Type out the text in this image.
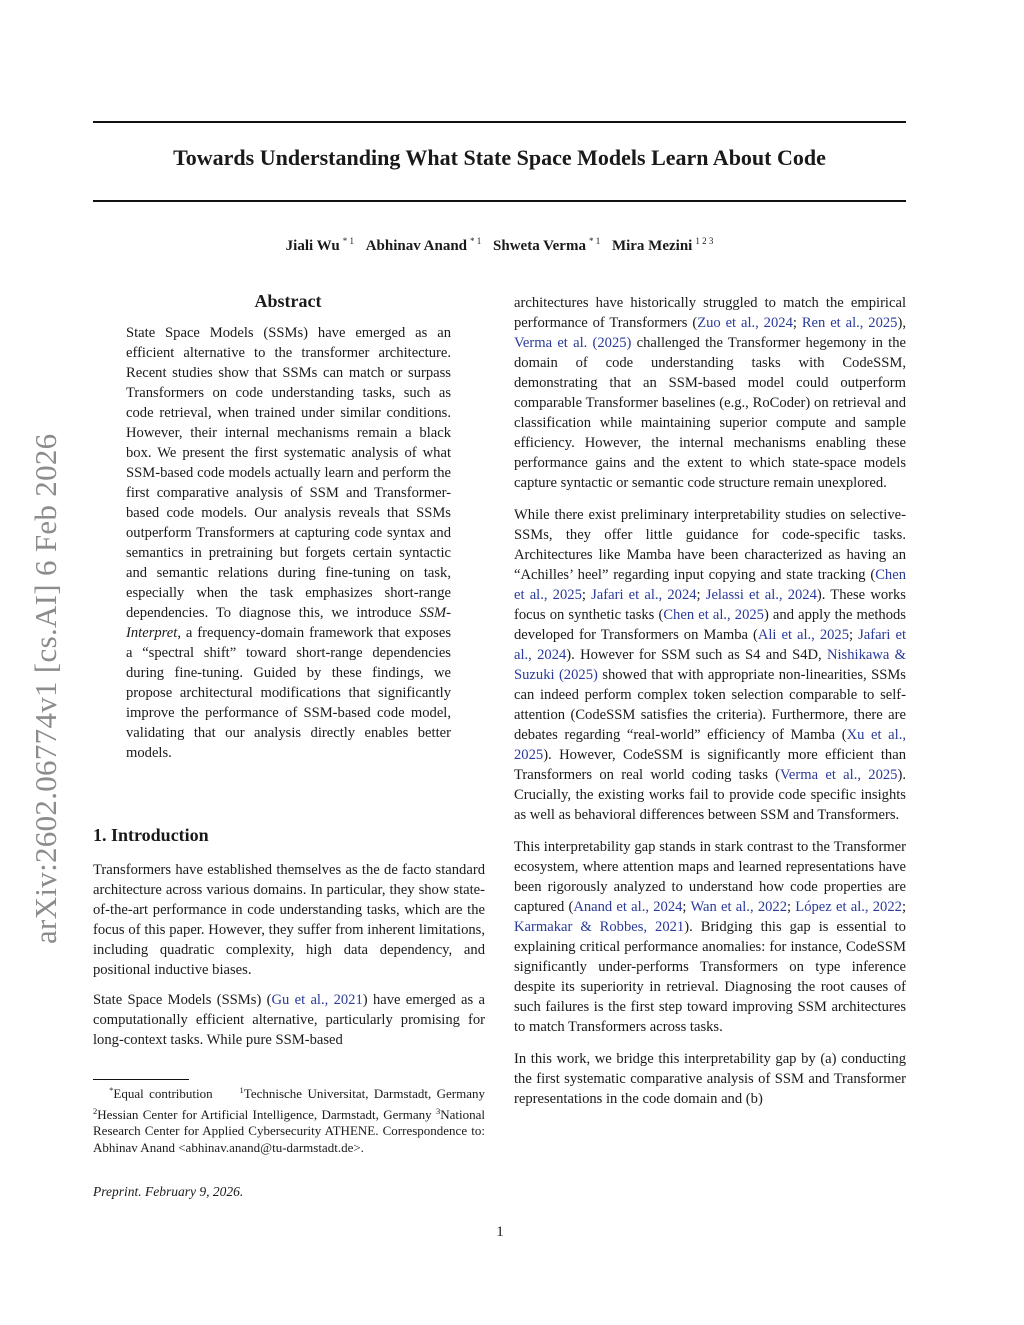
arXiv:2602.06774v1 [cs.AI] 6 Feb 2026
Towards Understanding What State Space Models Learn About Code
Jiali Wu $^{* 1}$ Abhinav Anand $^{* 1}$ Shweta Verma $^{* 1}$ Mira Mezini $^{1 2 3}$
Abstract
State Space Models (SSMs) have emerged as an efficient alternative to the transformer architecture. Recent studies show that SSMs can match or surpass Transformers on code understanding tasks, such as code retrieval, when trained under similar conditions. However, their internal mechanisms remain a black box. We present the first systematic analysis of what SSM-based code models actually learn and perform the first comparative analysis of SSM and Transformer-based code models. Our analysis reveals that SSMs outperform Transformers at capturing code syntax and semantics in pretraining but forgets certain syntactic and semantic relations during fine-tuning on task, especially when the task emphasizes short-range dependencies. To diagnose this, we introduce SSM-Interpret, a frequency-domain framework that exposes a “spectral shift” toward short-range dependencies during fine-tuning. Guided by these findings, we propose architectural modifications that significantly improve the performance of SSM-based code model, validating that our analysis directly enables better models.
1. Introduction

Transformers have established themselves as the de facto standard architecture across various domains. In particular, they show state-of-the-art performance in code understanding tasks, which are the focus of this paper. However, they suffer from inherent limitations, including quadratic complexity, high data dependency, and positional inductive biases.

State Space Models (SSMs) (Gu et al., 2021) have emerged as a computationally efficient alternative, particularly promising for long-context tasks. While pure SSM-based

architectures have historically struggled to match the empirical performance of Transformers (Zuo et al., 2024; Ren et al., 2025), Verma et al. (2025) challenged the Transformer hegemony in the domain of code understanding tasks with CodeSSM, demonstrating that an SSM-based model could outperform comparable Transformer baselines (e.g., RoCoder) on retrieval and classification while maintaining superior compute and sample efficiency. However, the internal mechanisms enabling these performance gains and the extent to which state-space models capture syntactic or semantic code structure remain unexplored.

While there exist preliminary interpretability studies on selective-SSMs, they offer little guidance for code-specific tasks. Architectures like Mamba have been characterized as having an “Achilles’ heel” regarding input copying and state tracking (Chen et al., 2025; Jafari et al., 2024; Jelassi et al., 2024). These works focus on synthetic tasks (Chen et al., 2025) and apply the methods developed for Transformers on Mamba (Ali et al., 2025; Jafari et al., 2024). However for SSM such as S4 and S4D, Nishikawa & Suzuki (2025) showed that with appropriate non-linearities, SSMs can indeed perform complex token selection comparable to self-attention (CodeSSM satisfies the criteria). Furthermore, there are debates regarding “real-world” efficiency of Mamba (Xu et al., 2025). However, CodeSSM is significantly more efficient than Transformers on real world coding tasks (Verma et al., 2025). Crucially, the existing works fail to provide code specific insights as well as behavioral differences between SSM and Transformers.

This interpretability gap stands in stark contrast to the Transformer ecosystem, where attention maps and learned representations have been rigorously analyzed to understand how code properties are captured (Anand et al., 2024; Wan et al., 2022; López et al., 2022; Karmakar & Robbes, 2021). Bridging this gap is essential to explaining critical performance anomalies: for instance, CodeSSM significantly under-performs Transformers on type inference despite its superiority in retrieval. Diagnosing the root causes of such failures is the first step toward improving SSM architectures to match Transformers across tasks.

In this work, we bridge this interpretability gap by (a) conducting the first systematic comparative analysis of SSM and Transformer representations in the code domain and (b)

*Equal contribution	$^1$Technische Universitat, Darmstadt, Germany $^2$Hessian Center for Artificial Intelligence, Darmstadt, Germany $^3$National Research Center for Applied Cybersecurity ATHENE. Correspondence to: Abhinav Anand <abhinav.anand@tu-darmstadt.de>.
Preprint. February 9, 2026.
1
